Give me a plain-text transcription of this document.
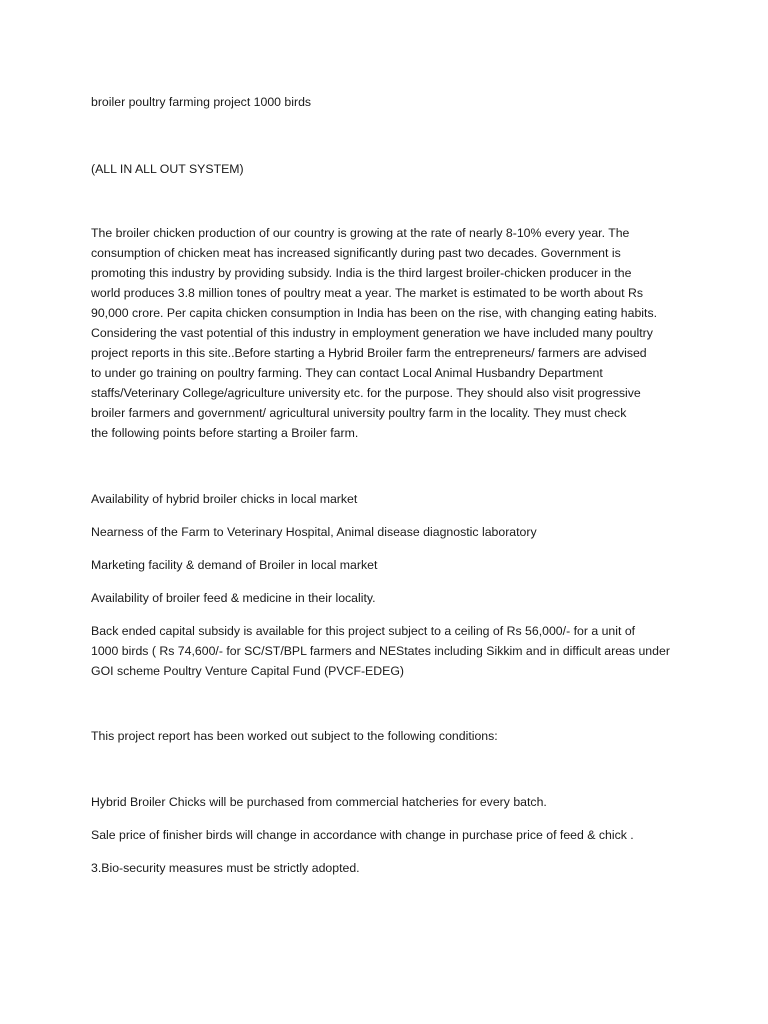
broiler poultry farming project 1000 birds

(ALL IN ALL OUT SYSTEM)

The broiler chicken production of our country is growing at the rate of nearly 8-10% every year. The
consumption of chicken meat has increased significantly during past two decades. Government is
promoting this industry by providing subsidy. India is the third largest broiler-chicken producer in the
world produces 3.8 million tones of poultry meat a year. The market is estimated to be worth about Rs
90,000 crore. Per capita chicken consumption in India has been on the rise, with changing eating habits.
Considering the vast potential of this industry in employment generation we have included many poultry
project reports in this site..Before starting a Hybrid Broiler farm the entrepreneurs/ farmers are advised
to under go training on poultry farming. They can contact Local Animal Husbandry Department
staffs/Veterinary College/agriculture university etc. for the purpose. They should also visit progressive
broiler farmers and government/ agricultural university poultry farm in the locality. They must check
the following points before starting a Broiler farm.

Availability of hybrid broiler chicks in local market

Nearness of the Farm to Veterinary Hospital, Animal disease diagnostic laboratory

Marketing facility & demand of Broiler in local market

Availability of broiler feed & medicine in their locality.

Back ended capital subsidy is available for this project subject to a ceiling of Rs 56,000/- for a unit of
1000 birds ( Rs 74,600/- for SC/ST/BPL farmers and NEStates including Sikkim and in difficult areas under
GOI scheme Poultry Venture Capital Fund (PVCF-EDEG)

This project report has been worked out subject to the following conditions:

Hybrid Broiler Chicks will be purchased from commercial hatcheries for every batch.

Sale price of finisher birds will change in accordance with change in purchase price of feed & chick .

3.Bio-security measures must be strictly adopted.
